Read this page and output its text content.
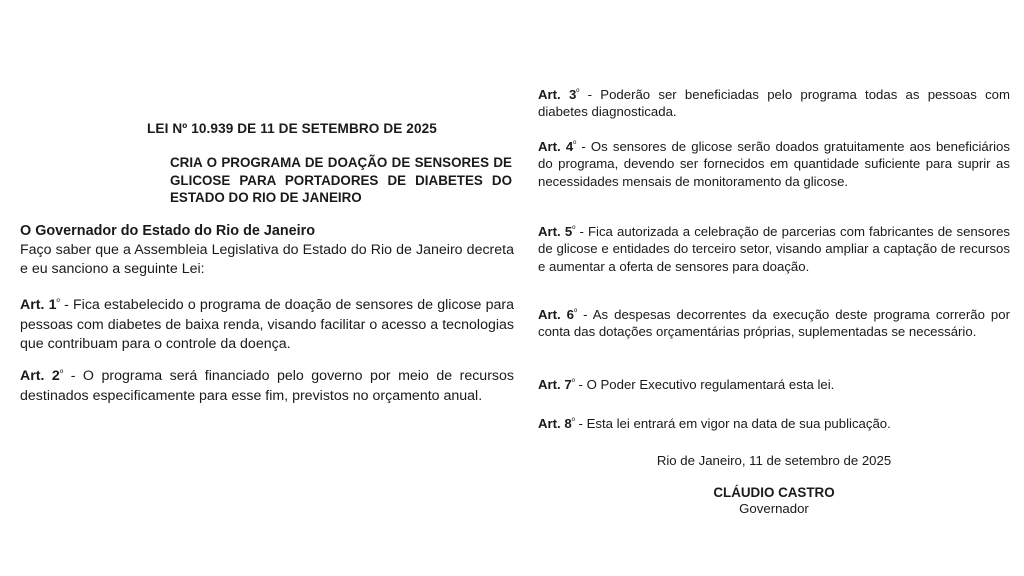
LEI Nº 10.939 DE 11 DE SETEMBRO DE 2025
CRIA O PROGRAMA DE DOAÇÃO DE SENSORES DE GLICOSE PARA PORTADORES DE DIABETES DO ESTADO DO RIO DE JANEIRO
O Governador do Estado do Rio de Janeiro
Faço saber que a Assembleia Legislativa do Estado do Rio de Janeiro decreta e eu sanciono a seguinte Lei:
Art. $1^º$ - Fica estabelecido o programa de doação de sensores de glicose para pessoas com diabetes de baixa renda, visando facilitar o acesso a tecnologias que contribuam para o controle da doença.
Art. $2^º$ - O programa será financiado pelo governo por meio de recursos destinados especificamente para esse fim, previstos no orçamento anual.
Art. $3^º$ - Poderão ser beneficiadas pelo programa todas as pessoas com diabetes diagnosticada.
Art. $4^º$ - Os sensores de glicose serão doados gratuitamente aos beneficiários do programa, devendo ser fornecidos em quantidade suficiente para suprir as necessidades mensais de monitoramento da glicose.
Art. $5^º$ - Fica autorizada a celebração de parcerias com fabricantes de sensores de glicose e entidades do terceiro setor, visando ampliar a captação de recursos e aumentar a oferta de sensores para doação.
Art. $6^º$ - As despesas decorrentes da execução deste programa correrão por conta das dotações orçamentárias próprias, suplementadas se necessário.
Art. $7^º$ - O Poder Executivo regulamentará esta lei.
Art. $8^º$ - Esta lei entrará em vigor na data de sua publicação.
Rio de Janeiro, 11 de setembro de 2025
CLÁUDIO CASTRO
Governador
